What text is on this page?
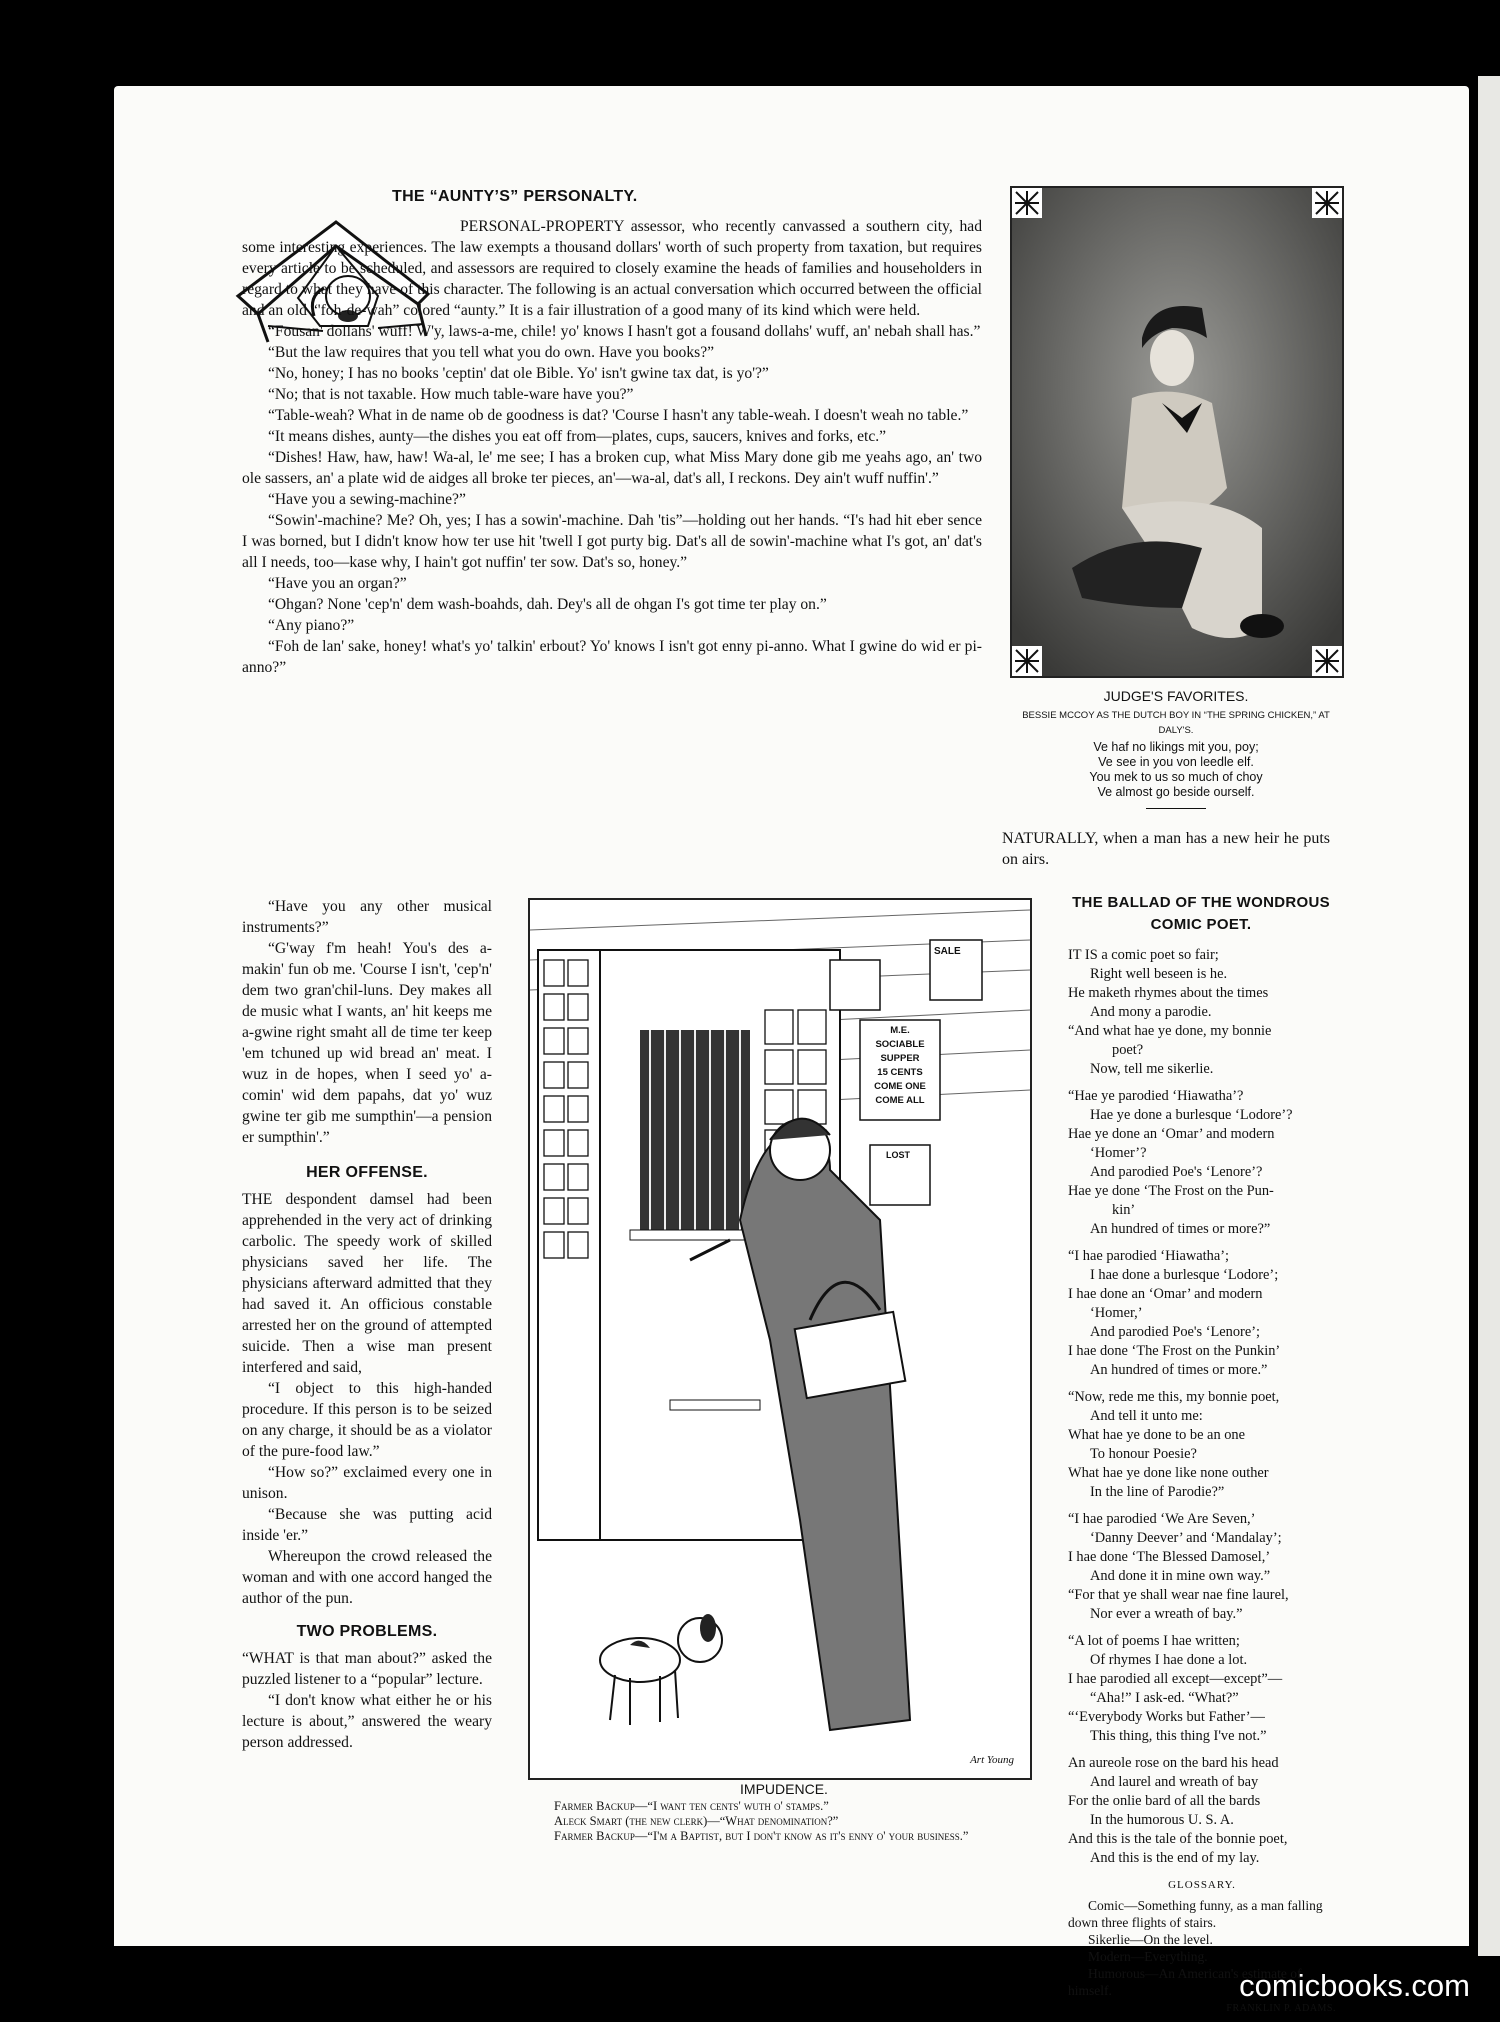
THE “AUNTY’S” PERSONALTY.

PERSONAL-PROPERTY assessor, who recently canvassed a southern city, had some interesting experiences. The law exempts a thousand dollars' worth of such property from taxation, but requires every article to be scheduled, and assessors are required to closely examine the heads of families and householders in regard to what they have of this character. The following is an actual conversation which occurred between the official and an old “'foh-de-wah” colored “aunty.” It is a fair illustration of a good many of its kind which were held.

“Fousan' dollahs' wuff! W'y, laws-a-me, chile! yo' knows I hasn't got a fousand dollahs' wuff, an' nebah shall has.”

“But the law requires that you tell what you do own. Have you books?”

“No, honey; I has no books 'ceptin' dat ole Bible. Yo' isn't gwine tax dat, is yo'?”

“No; that is not taxable. How much table-ware have you?”

“Table-weah? What in de name ob de goodness is dat? 'Course I hasn't any table-weah. I doesn't weah no table.”

“It means dishes, aunty—the dishes you eat off from—plates, cups, saucers, knives and forks, etc.”

“Dishes! Haw, haw, haw! Wa-al, le' me see; I has a broken cup, what Miss Mary done gib me yeahs ago, an' two ole sassers, an' a plate wid de aidges all broke ter pieces, an'—wa-al, dat's all, I reckons. Dey ain't wuff nuffin'.”

“Have you a sewing-machine?”

“Sowin'-machine? Me? Oh, yes; I has a sowin'-machine. Dah 'tis”—holding out her hands. “I's had hit eber sence I was borned, but I didn't know how ter use hit 'twell I got purty big. Dat's all de sowin'-machine what I's got, an' dat's all I needs, too—kase why, I hain't got nuffin' ter sow. Dat's so, honey.”

“Have you an organ?”

“Ohgan? None 'cep'n' dem wash-boahds, dah. Dey's all de ohgan I's got time ter play on.”

“Any piano?”

“Foh de lan' sake, honey! what's yo' talkin' erbout? Yo' knows I isn't got enny pi-anno. What I gwine do wid er pi-anno?”

“Have you any other musical instruments?”

“G'way f'm heah! You's des a-makin' fun ob me. 'Course I isn't, 'cep'n' dem two gran'chil-luns. Dey makes all de music what I wants, an' hit keeps me a-gwine right smaht all de time ter keep 'em tchuned up wid bread an' meat. I wuz in de hopes, when I seed yo' a-comin' wid dem papahs, dat yo' wuz gwine ter gib me sumpthin'—a pension er sumpthin'.”

HER OFFENSE.

THE despondent damsel had been apprehended in the very act of drinking carbolic. The speedy work of skilled physicians saved her life. The physicians afterward admitted that they had saved it. An officious constable arrested her on the ground of attempted suicide. Then a wise man present interfered and said,

“I object to this high-handed procedure. If this person is to be seized on any charge, it should be as a violator of the pure-food law.”

“How so?” exclaimed every one in unison.

“Because she was putting acid inside 'er.”

Whereupon the crowd released the woman and with one accord hanged the author of the pun.

TWO PROBLEMS.

“WHAT is that man about?” asked the puzzled listener to a “popular” lecture.

“I don't know what either he or his lecture is about,” answered the weary person addressed.

SALE
M.E.
SOCIABLE
SUPPER
15 CENTS
COME ONE
COME ALL
LOST
Art Young
IMPUDENCE.
Farmer Backup—“I want ten cents' wuth o' stamps.”
Aleck Smart (the new clerk)—“What denomination?”
Farmer Backup—“I'm a Baptist, but I don't know as it's enny o' your business.”
JUDGE'S FAVORITES.
BESSIE MCCOY AS THE DUTCH BOY IN “THE SPRING CHICKEN,” AT DALY'S.
Ve haf no likings mit you, poy;
Ve see in you von leedle elf.
You mek to us so much of choy
Ve almost go beside ourself.
NATURALLY, when a man has a new heir he puts on airs.
THE BALLAD OF THE WONDROUS COMIC POET.
IT IS a comic poet so fair;
Right well beseen is he.
He maketh rhymes about the times
And mony a parodie.
“And what hae ye done, my bonnie
poet?
Now, tell me sikerlie.
“Hae ye parodied ‘Hiawatha’?
Hae ye done a burlesque ‘Lodore’?
Hae ye done an ‘Omar’ and modern
‘Homer’?
And parodied Poe's ‘Lenore’?
Hae ye done ‘The Frost on the Pun-
kin’
An hundred of times or more?”
“I hae parodied ‘Hiawatha’;
I hae done a burlesque ‘Lodore’;
I hae done an ‘Omar’ and modern
‘Homer,’
And parodied Poe's ‘Lenore’;
I hae done ‘The Frost on the Punkin’
An hundred of times or more.”
“Now, rede me this, my bonnie poet,
And tell it unto me:
What hae ye done to be an one
To honour Poesie?
What hae ye done like none outher
In the line of Parodie?”
“I hae parodied ‘We Are Seven,’
‘Danny Deever’ and ‘Mandalay’;
I hae done ‘The Blessed Damosel,’
And done it in mine own way.”
“For that ye shall wear nae fine laurel,
Nor ever a wreath of bay.”
“A lot of poems I hae written;
Of rhymes I hae done a lot.
I hae parodied all except—except”—
“Aha!” I ask-ed. “What?”
“‘Everybody Works but Father’—
This thing, this thing I've not.”
An aureole rose on the bard his head
And laurel and wreath of bay
For the onlie bard of all the bards
In the humorous U. S. A.
And this is the tale of the bonnie poet,
And this is the end of my lay.
GLOSSARY.
Comic—Something funny, as a man falling down three flights of stairs.
Sikerlie—On the level.
Modern—Everything.
Humorous—An American's estimate of himself.
FRANKLIN P. ADAMS.
comicbooks.com
